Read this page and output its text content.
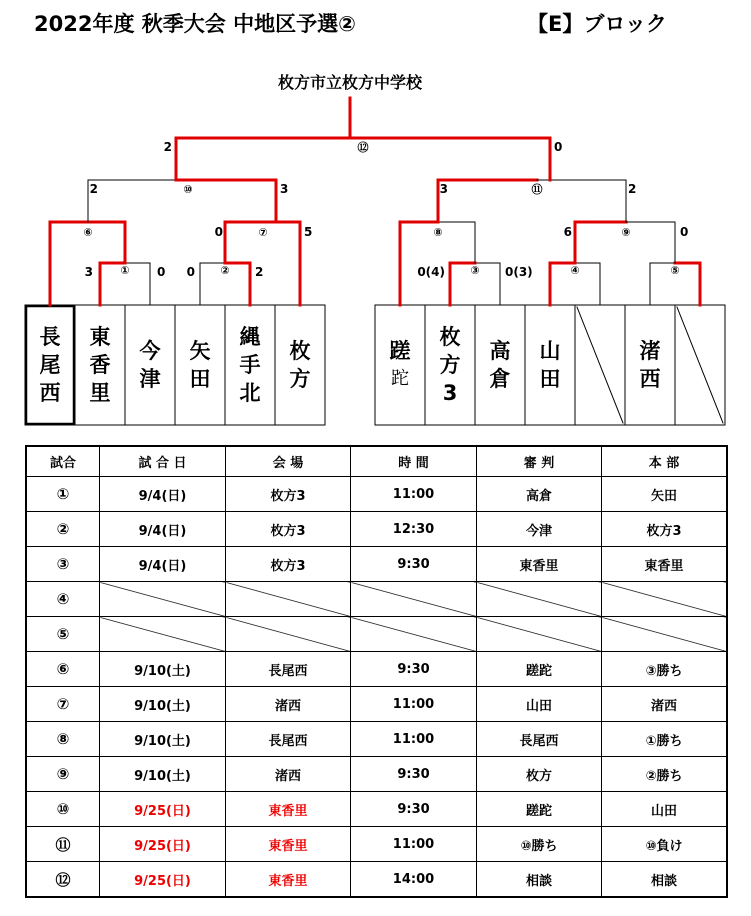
2022年度 秋季大会 中地区予選②	【E】ブロック
枚方市立枚方中学校
①	②	③	④	⑤
⑥	⑦	⑧	⑨
⑩	⑪
⑫
3	0 0	2	0(4)	0(3)
0	5	6	0
2	3	3	2
2	0
長
尾
西
東
香
里
今
津
矢
田
縄
手
北
枚
方
蹉
跎
枚
方
3
高
倉
山
田
渚
西
試合	試 合 日	会 場	時 間	審 判	本 部
①	9/4(日)	枚方3	11:00	高倉	矢田
②	9/4(日)	枚方3	12:30	今津	枚方3
③	9/4(日)	枚方3	9:30	東香里	東香里
④					
⑤					
⑥	9/10(土)	長尾西	9:30	蹉跎	③勝ち
⑦	9/10(土)	渚西	11:00	山田	渚西
⑧	9/10(土)	長尾西	11:00	長尾西	①勝ち
⑨	9/10(土)	渚西	9:30	枚方	②勝ち
⑩	9/25(日)	東香里	9:30	蹉跎	山田
⑪	9/25(日)	東香里	11:00	⑩勝ち	⑩負け
⑫	9/25(日)	東香里	14:00	相談	相談
